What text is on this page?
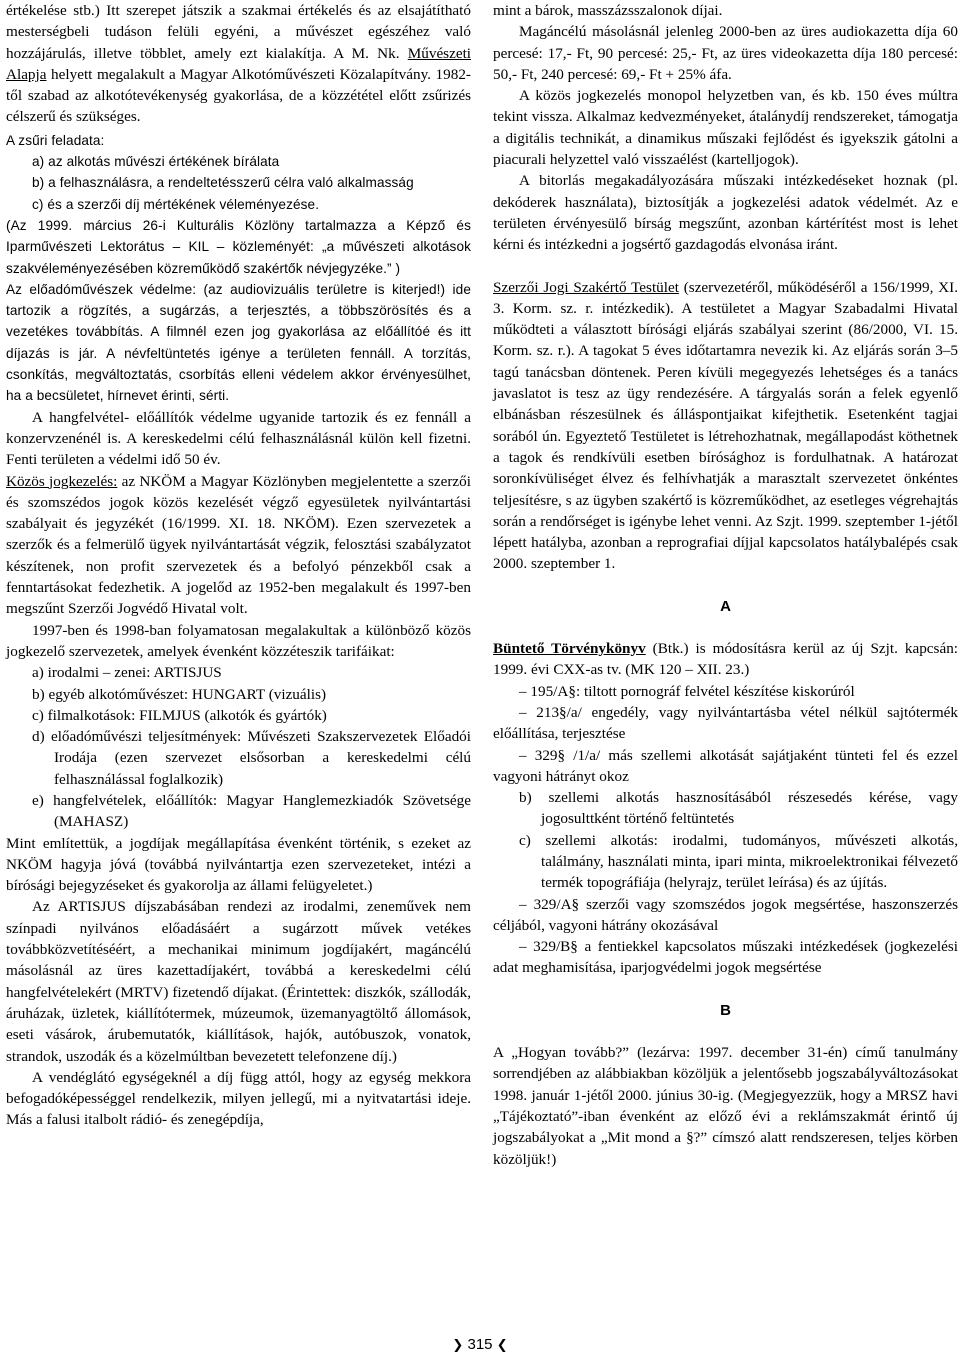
értékelése stb.) Itt szerepet játszik a szakmai értékelés és az elsajátítható mesterségbeli tudáson felüli egyéni, a művészet egészéhez való hozzájárulás, illetve többlet, amely ezt kialakítja. A M. Nk. Művészeti Alapja helyett megalakult a Magyar Alkotóművészeti Közalapítvány. 1982-től szabad az alkotótevékenység gyakorlása, de a közzététel előtt zsűrizés célszerű és szükséges.

A zsűri feladata:

a) az alkotás művészi értékének bírálata

b) a felhasználásra, a rendeltetésszerű célra való alkalmasság

c) és a szerzői díj mértékének véleményezése.

(Az 1999. március 26-i Kulturális Közlöny tartalmazza a Képző és Iparművészeti Lektorátus – KIL – közleményét: „a művészeti alkotások szakvéleményezésében közreműködő szakértők névjegyzéke.” )

Az előadóművészek védelme: (az audiovizuális területre is kiterjed!) ide tartozik a rögzítés, a sugárzás, a terjesztés, a többszörösítés és a vezetékes továbbítás. A filmnél ezen jog gyakorlása az előállítóé és itt díjazás is jár. A névfeltüntetés igénye a területen fennáll. A torzítás, csonkítás, megváltoztatás, csorbítás elleni védelem akkor érvényesülhet, ha a becsületet, hírnevet érinti, sérti.

A hangfelvétel- előállítók védelme ugyanide tartozik és ez fennáll a konzervzenénél is. A kereskedelmi célú felhasználásnál külön kell fizetni. Fenti területen a védelmi idő 50 év.

Közös jogkezelés: az NKÖM a Magyar Közlönyben megjelentette a szerzői és szomszédos jogok közös kezelését végző egyesületek nyilvántartási szabályait és jegyzékét (16/1999. XI. 18. NKÖM). Ezen szervezetek a szerzők és a felmerülő ügyek nyilvántartását végzik, felosztási szabályzatot készítenek, non profit szervezetek és a befolyó pénzekből csak a fenntartásokat fedezhetik. A jogelőd az 1952-ben megalakult és 1997-ben megszűnt Szerzői Jogvédő Hivatal volt.

1997-ben és 1998-ban folyamatosan megalakultak a különböző közös jogkezelő szervezetek, amelyek évenként közzéteszik tarifáikat:

a) irodalmi – zenei: ARTISJUS

b) egyéb alkotóművészet: HUNGART (vizuális)

c) filmalkotások: FILMJUS (alkotók és gyártók)

d) előadóművészi teljesítmények: Művészeti Szakszervezetek Előadói Irodája (ezen szervezet elsősorban a kereskedelmi célú felhasználással foglalkozik)

e) hangfelvételek, előállítók: Magyar Hanglemezkiadók Szövetsége (MAHASZ)

Mint említettük, a jogdíjak megállapítása évenként történik, s ezeket az NKÖM hagyja jóvá (továbbá nyilvántartja ezen szervezeteket, intézi a bírósági bejegyzéseket és gyakorolja az állami felügyeletet.)

Az ARTISJUS díjszabásában rendezi az irodalmi, zeneművek nem színpadi nyilvános előadásáért a sugárzott művek vetékes továbbközvetítéséért, a mechanikai minimum jogdíjakért, magáncélú másolásnál az üres kazettadíjakért, továbbá a kereskedelmi célú hangfelvételekért (MRTV) fizetendő díjakat. (Érintettek: diszkók, szállodák, áruházak, üzletek, kiállítótermek, múzeumok, üzemanyagtöltő állomások, eseti vásárok, árubemutatók, kiállítások, hajók, autóbuszok, vonatok, strandok, uszodák és a közelmúltban bevezetett telefonzene díj.)

A vendéglátó egységeknél a díj függ attól, hogy az egység mekkora befogadóképességgel rendelkezik, milyen jellegű, mi a nyitvatartási ideje. Más a falusi italbolt rádió- és zenegépdíja,

mint a bárok, masszázsszalonok díjai.

Magáncélú másolásnál jelenleg 2000-ben az üres audiokazetta díja 60 percesé: 17,- Ft, 90 percesé: 25,- Ft, az üres videokazetta díja 180 percesé: 50,- Ft, 240 percesé: 69,- Ft + 25% áfa.

A közös jogkezelés monopol helyzetben van, és kb. 150 éves múltra tekint vissza. Alkalmaz kedvezményeket, átalánydíj rendszereket, támogatja a digitális technikát, a dinamikus műszaki fejlődést és igyekszik gátolni a piacurali helyzettel való visszaélést (kartelljogok).

A bitorlás megakadályozására műszaki intézkedéseket hoznak (pl. dekóderek használata), biztosítják a jogkezelési adatok védelmét. Az e területen érvényesülő bírság megszűnt, azonban kártérítést most is lehet kérni és intézkedni a jogsértő gazdagodás elvonása iránt.

Szerzői Jogi Szakértő Testület (szervezetéről, működéséről a 156/1999, XI. 3. Korm. sz. r. intézkedik). A testületet a Magyar Szabadalmi Hivatal működteti a választott bírósági eljárás szabályai szerint (86/2000, VI. 15. Korm. sz. r.). A tagokat 5 éves időtartamra nevezik ki. Az eljárás során 3–5 tagú tanácsban döntenek. Peren kívüli megegyezés lehetséges és a tanács javaslatot is tesz az ügy rendezésére. A tárgyalás során a felek egyenlő elbánásban részesülnek és álláspontjaikat kifejthetik. Esetenként tagjai sorából ún. Egyeztető Testületet is létrehozhatnak, megállapodást köthetnek a tagok és rendkívüli esetben bírósághoz is fordulhatnak. A határozat soronkívüliséget élvez és felhívhatják a marasztalt szervezetet önkéntes teljesítésre, s az ügyben szakértő is közreműködhet, az esetleges végrehajtás során a rendőrséget is igénybe lehet venni. Az Szjt. 1999. szeptember 1-jétől lépett hatályba, azonban a reprografiai díjjal kapcsolatos hatálybalépés csak 2000. szeptember 1.

A

Büntető Törvénykönyv (Btk.) is módosításra kerül az új Szjt. kapcsán: 1999. évi CXX-as tv. (MK 120 – XII. 23.)

– 195/A§: tiltott pornográf felvétel készítése kiskorúról

– 213§/a/ engedély, vagy nyilvántartásba vétel nélkül sajtótermék előállítása, terjesztése

– 329§ /1/a/ más szellemi alkotását sajátjaként tünteti fel és ezzel vagyoni hátrányt okoz

b) szellemi alkotás hasznosításából részesedés kérése, vagy jogosulttként történő feltüntetés

c) szellemi alkotás: irodalmi, tudományos, művészeti alkotás, találmány, használati minta, ipari minta, mikroelektronikai félvezető termék topográfiája (helyrajz, terület leírása) és az újítás.

– 329/A§ szerzői vagy szomszédos jogok megsértése, haszonszerzés céljából, vagyoni hátrány okozásával

– 329/B§ a fentiekkel kapcsolatos műszaki intézkedések (jogkezelési adat meghamisítása, iparjogvédelmi jogok megsértése

B

A „Hogyan tovább?” (lezárva: 1997. december 31-én) című tanulmány sorrendjében az alábbiakban közöljük a jelentősebb jogszabályváltozásokat 1998. január 1-jétől 2000. június 30-ig. (Megjegyezzük, hogy a MRSZ havi „Tájékoztató”-iban évenként az előző évi a reklámszakmát érintő új jogszabályokat a „Mit mond a §?” címszó alatt rendszeresen, teljes körben közöljük!)

❯ 315 ❮
